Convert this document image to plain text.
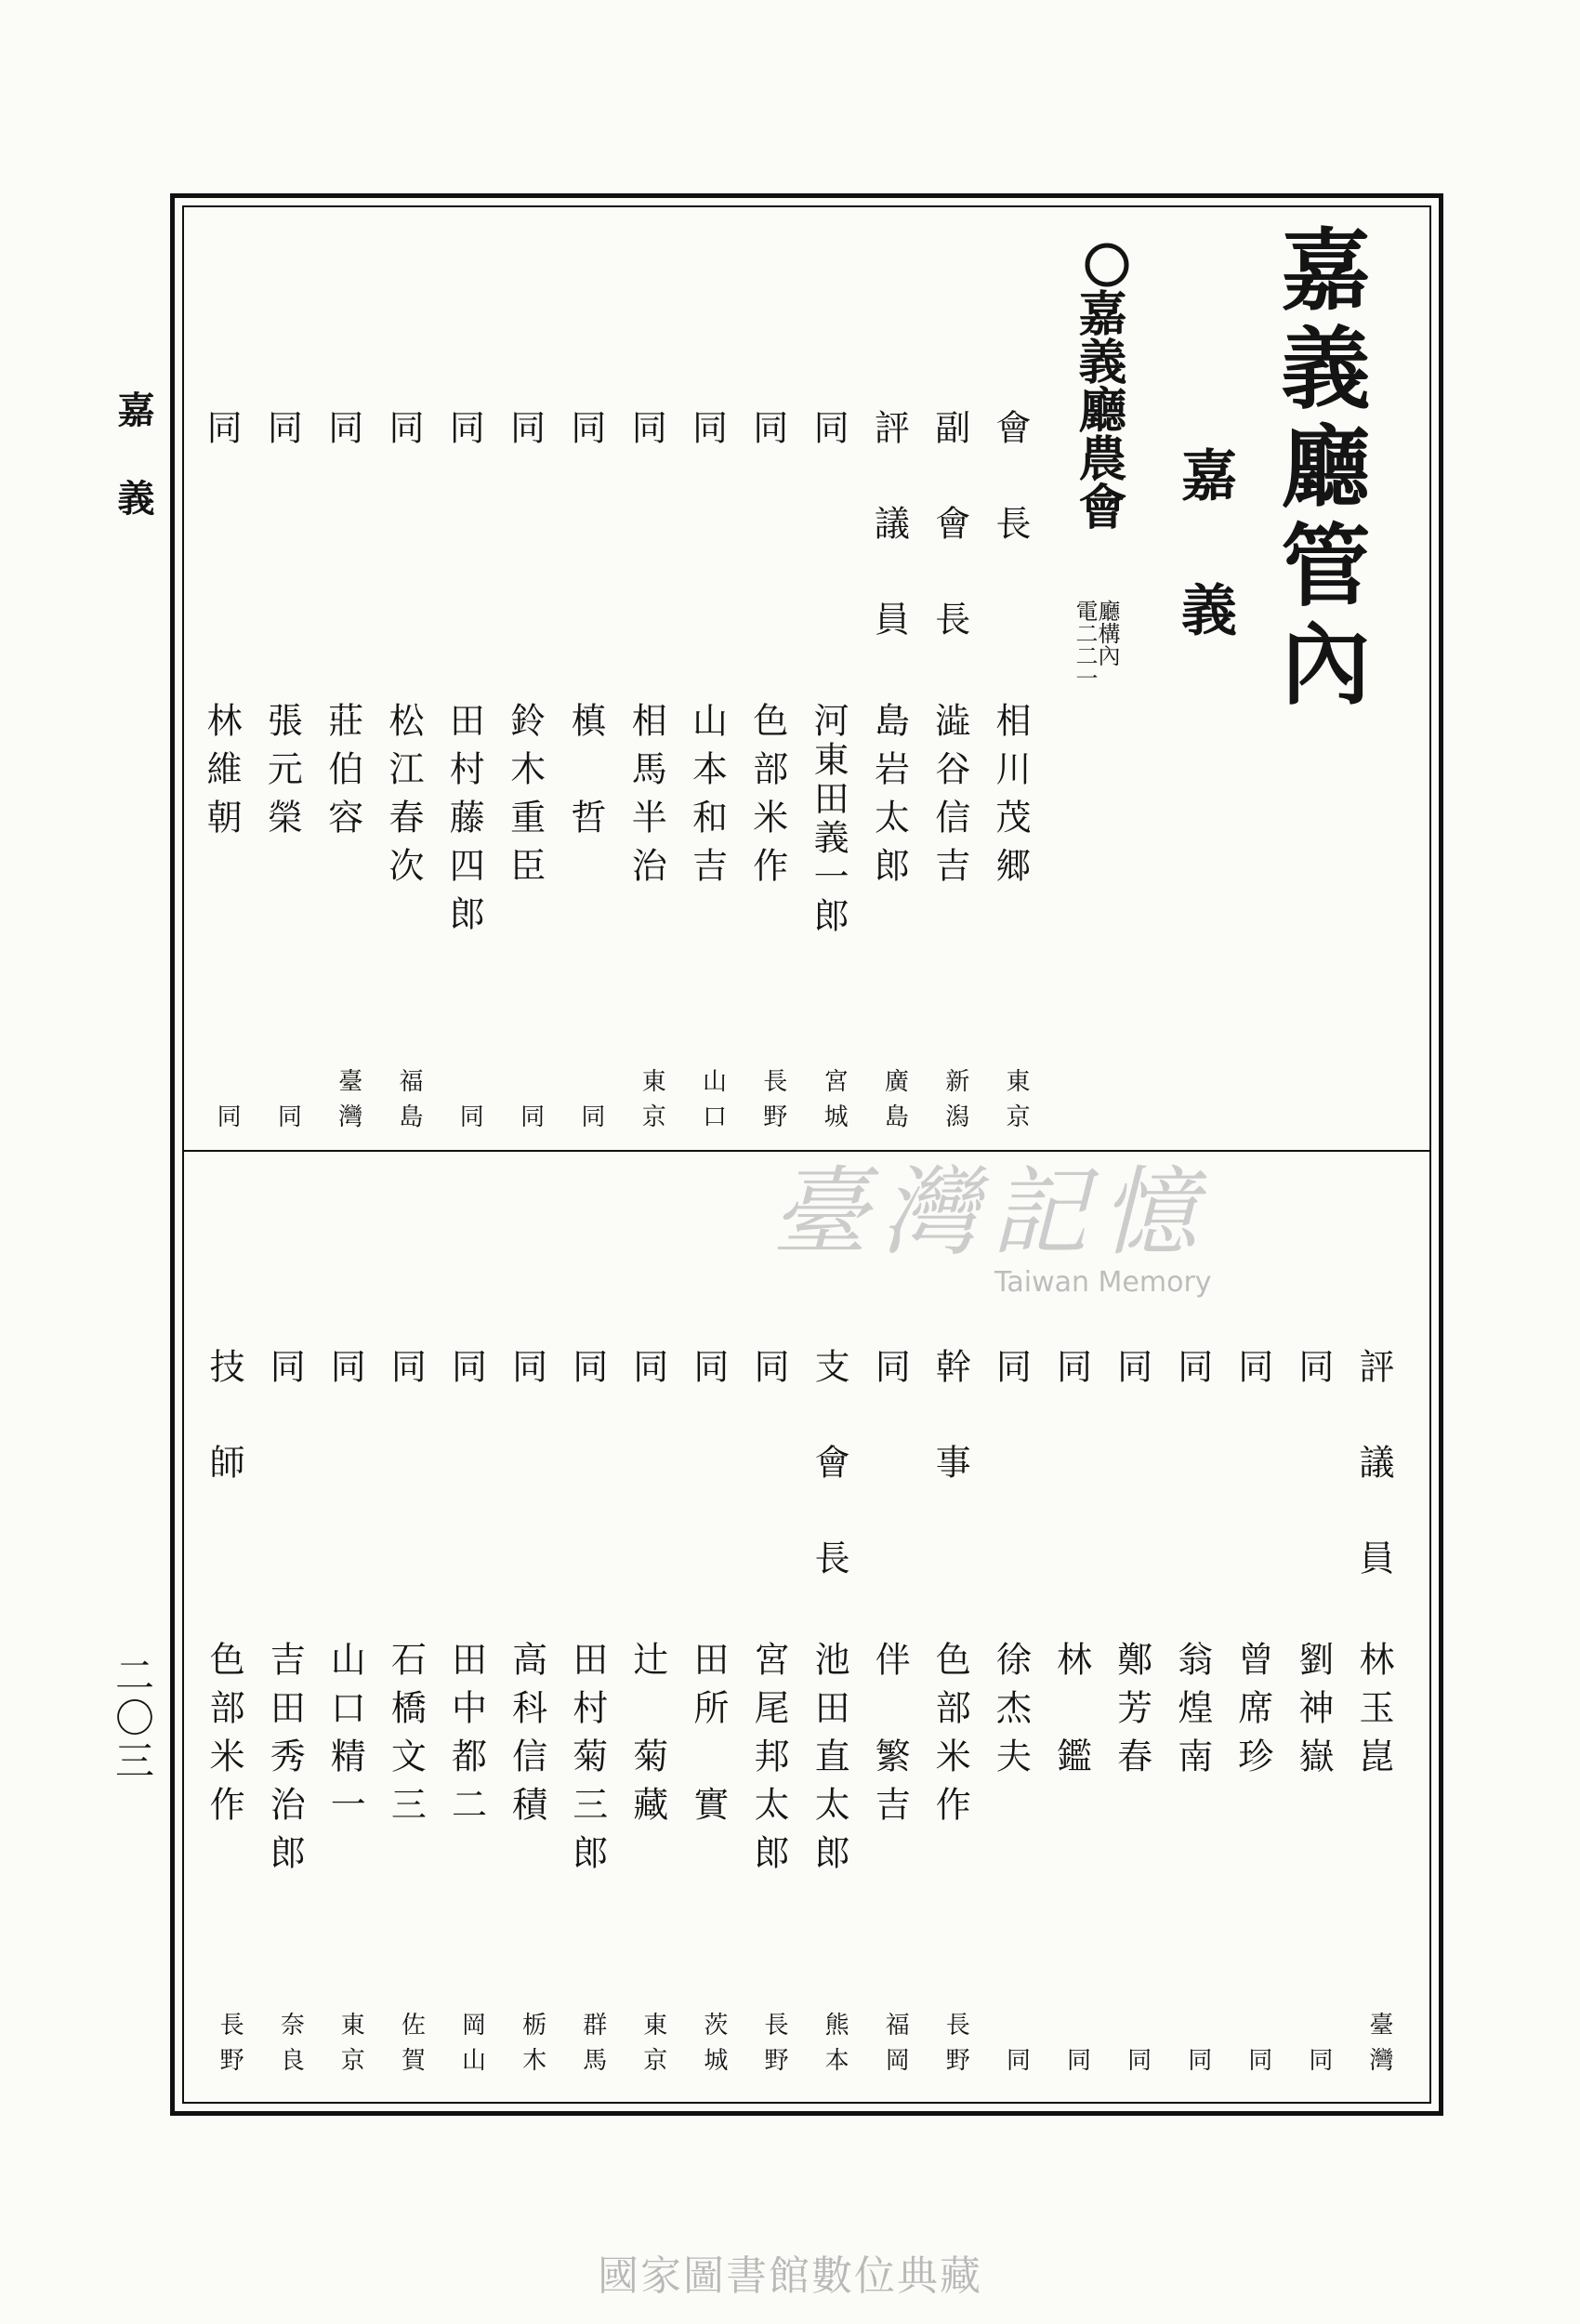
嘉義
二〇三
嘉義廳管內
嘉義
嘉義廳農會
廳構內
電二二一
會長
相川茂郷
東京
副會長
澁谷信吉
新潟
評議員
島岩太郎
廣島
同
河東田義一郎
宮城
同
色部米作
長野
同
山本和吉
山口
同
相馬半治
東京
同
槙　哲
同
同
鈴木重臣
同
同
田村藤四郎
同
同
松江春次
福島
同
莊伯容
臺灣
同
張元榮
同
同
林維朝
同
評議員
林玉崑
臺灣
同
劉神嶽
同
同
曾席珍
同
同
翁煌南
同
同
鄭芳春
同
同
林　鑑
同
同
徐杰夫
同
幹事
色部米作
長野
同
伴　繁吉
福岡
支會長
池田直太郎
熊本
同
宮尾邦太郎
長野
同
田所　實
茨城
同
辻　菊藏
東京
同
田村菊三郎
群馬
同
高科信積
栃木
同
田中都二
岡山
同
石橋文三
佐賀
同
山口精一
東京
同
吉田秀治郎
奈良
技師
色部米作
長野
臺灣記憶
Taiwan Memory
國家圖書館數位典藏
